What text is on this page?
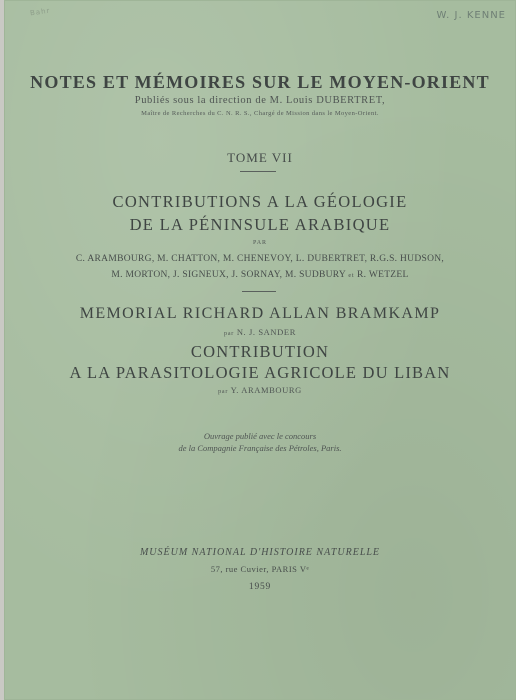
Bahr	W. J. KENNE
NOTES ET MÉMOIRES SUR LE MOYEN-ORIENT
Publiés sous la direction de M. Louis DUBERTRET,
Maître de Recherches du C. N. R. S., Chargé de Mission dans le Moyen-Orient.
TOME VII
CONTRIBUTIONS A LA GÉOLOGIE
DE LA PÉNINSULE ARABIQUE
PAR
C. ARAMBOURG, M. CHATTON, M. CHENEVOY, L. DUBERTRET, R.G.S. HUDSON,
M. MORTON, J. SIGNEUX, J. SORNAY, M. SUDBURY et R. WETZEL
MEMORIAL RICHARD ALLAN BRAMKAMP
par N. J. SANDER
CONTRIBUTION
A LA PARASITOLOGIE AGRICOLE DU LIBAN
par Y. ARAMBOURG
Ouvrage publié avec le concours
de la Compagnie Française des Pétroles, Paris.
MUSÉUM NATIONAL D'HISTOIRE NATURELLE
57, rue Cuvier, PARIS Vᵉ
1959
